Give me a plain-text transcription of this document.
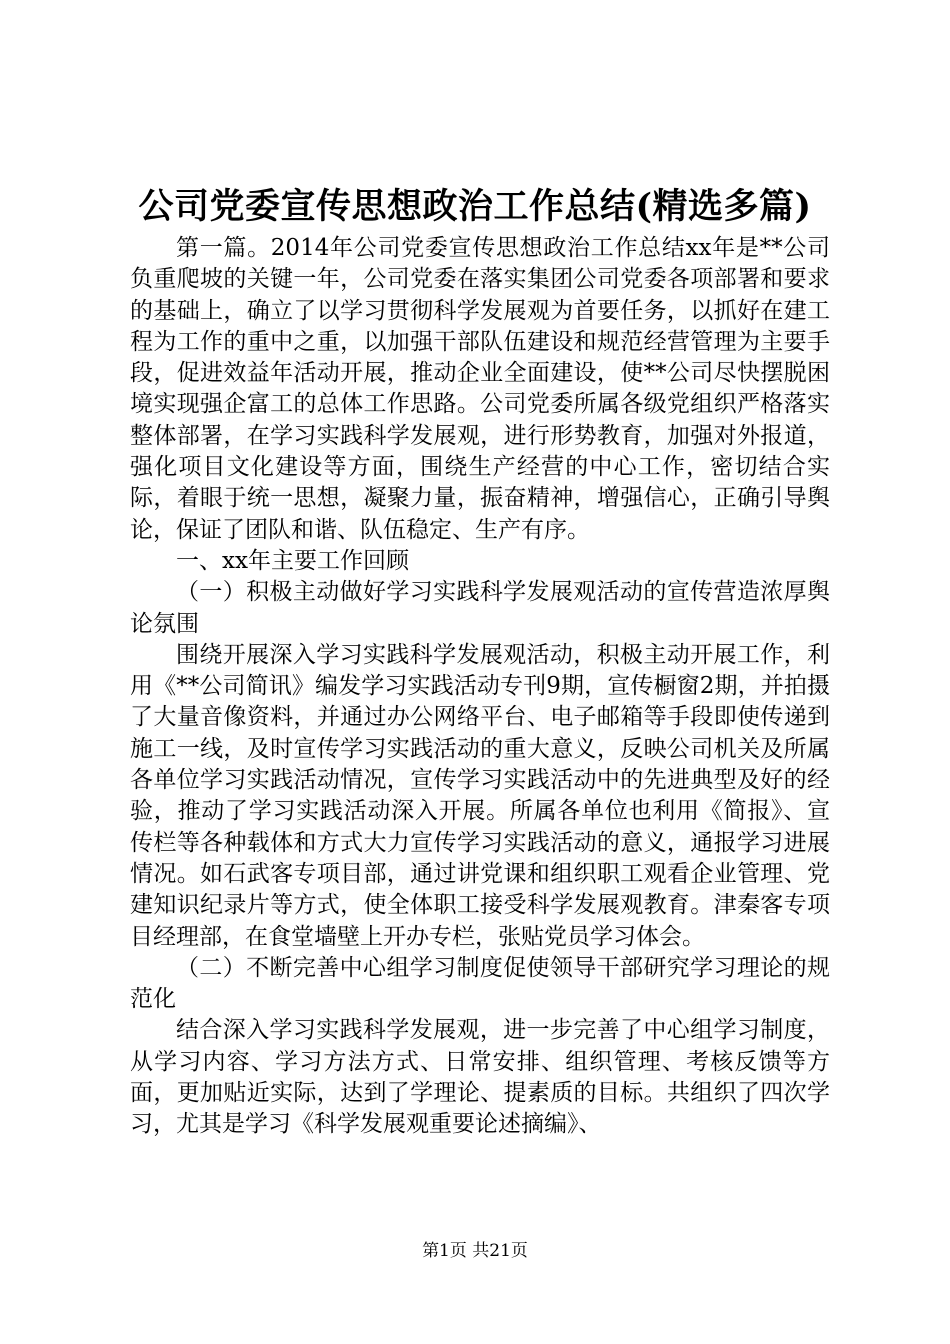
公司党委宣传思想政治工作总结(精选多篇)

第一篇。2014年公司党委宣传思想政治工作总结xx年是**公司负重爬坡的关键一年，公司党委在落实集团公司党委各项部署和要求的基础上，确立了以学习贯彻科学发展观为首要任务，以抓好在建工程为工作的重中之重，以加强干部队伍建设和规范经营管理为主要手段，促进效益年活动开展，推动企业全面建设，使**公司尽快摆脱困境实现强企富工的总体工作思路。公司党委所属各级党组织严格落实整体部署，在学习实践科学发展观，进行形势教育，加强对外报道，强化项目文化建设等方面，围绕生产经营的中心工作，密切结合实际，着眼于统一思想，凝聚力量，振奋精神，增强信心，正确引导舆论，保证了团队和谐、队伍稳定、生产有序。

一、xx年主要工作回顾

（一）积极主动做好学习实践科学发展观活动的宣传营造浓厚舆论氛围

围绕开展深入学习实践科学发展观活动，积极主动开展工作，利用《**公司简讯》编发学习实践活动专刊9期，宣传橱窗2期，并拍摄了大量音像资料，并通过办公网络平台、电子邮箱等手段即使传递到施工一线，及时宣传学习实践活动的重大意义，反映公司机关及所属各单位学习实践活动情况，宣传学习实践活动中的先进典型及好的经验，推动了学习实践活动深入开展。所属各单位也利用《简报》、宣传栏等各种载体和方式大力宣传学习实践活动的意义，通报学习进展情况。如石武客专项目部，通过讲党课和组织职工观看企业管理、党建知识纪录片等方式，使全体职工接受科学发展观教育。津秦客专项目经理部，在食堂墙壁上开办专栏，张贴党员学习体会。

（二）不断完善中心组学习制度促使领导干部研究学习理论的规范化

结合深入学习实践科学发展观，进一步完善了中心组学习制度，从学习内容、学习方法方式、日常安排、组织管理、考核反馈等方面，更加贴近实际，达到了学理论、提素质的目标。共组织了四次学习，尤其是学习《科学发展观重要论述摘编》、

第1页 共21页
